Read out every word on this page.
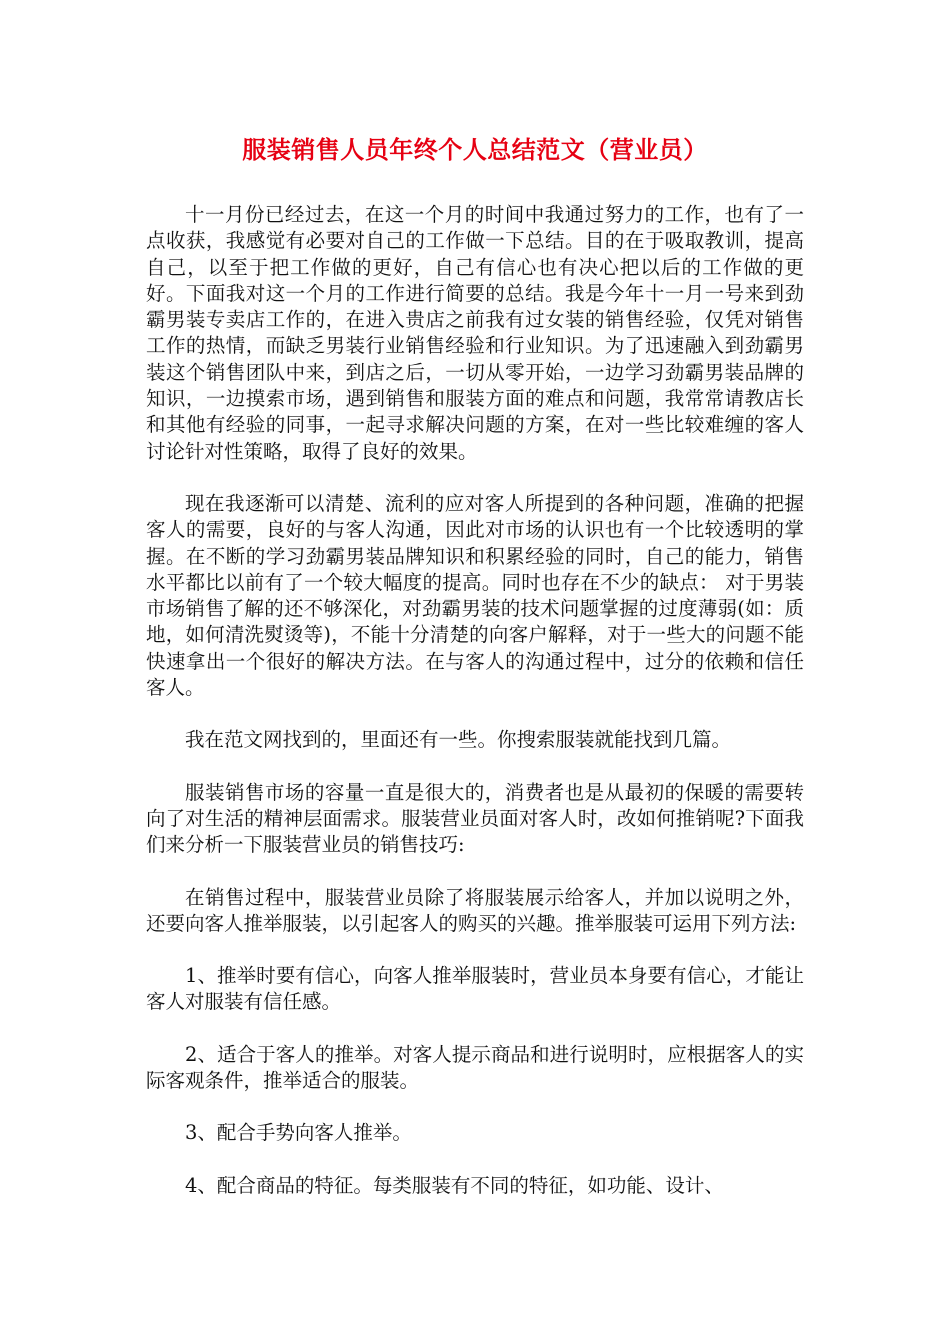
服装销售人员年终个人总结范文（营业员）

十一月份已经过去，在这一个月的时间中我通过努力的工作，也有了一点收获，我感觉有必要对自己的工作做一下总结。目的在于吸取教训，提高自己，以至于把工作做的更好，自己有信心也有决心把以后的工作做的更好。下面我对这一个月的工作进行简要的总结。我是今年十一月一号来到劲霸男装专卖店工作的，在进入贵店之前我有过女装的销售经验，仅凭对销售工作的热情，而缺乏男装行业销售经验和行业知识。为了迅速融入到劲霸男装这个销售团队中来，到店之后，一切从零开始，一边学习劲霸男装品牌的知识，一边摸索市场，遇到销售和服装方面的难点和问题，我常常请教店长和其他有经验的同事，一起寻求解决问题的方案，在对一些比较难缠的客人讨论针对性策略，取得了良好的效果。

现在我逐渐可以清楚、流利的应对客人所提到的各种问题，准确的把握客人的需要，良好的与客人沟通，因此对市场的认识也有一个比较透明的掌握。在不断的学习劲霸男装品牌知识和积累经验的同时，自己的能力，销售水平都比以前有了一个较大幅度的提高。同时也存在不少的缺点： 对于男装市场销售了解的还不够深化，对劲霸男装的技术问题掌握的过度薄弱(如：质地，如何清洗熨烫等)，不能十分清楚的向客户解释，对于一些大的问题不能快速拿出一个很好的解决方法。在与客人的沟通过程中，过分的依赖和信任客人。

我在范文网找到的，里面还有一些。你搜索服装就能找到几篇。

服装销售市场的容量一直是很大的，消费者也是从最初的保暖的需要转向了对生活的精神层面需求。服装营业员面对客人时，改如何推销呢?下面我们来分析一下服装营业员的销售技巧:

在销售过程中，服装营业员除了将服装展示给客人，并加以说明之外，还要向客人推举服装，以引起客人的购买的兴趣。推举服装可运用下列方法:

1、推举时要有信心，向客人推举服装时，营业员本身要有信心，才能让客人对服装有信任感。

2、适合于客人的推举。对客人提示商品和进行说明时，应根据客人的实际客观条件，推举适合的服装。

3、配合手势向客人推举。

4、配合商品的特征。每类服装有不同的特征，如功能、设计、
